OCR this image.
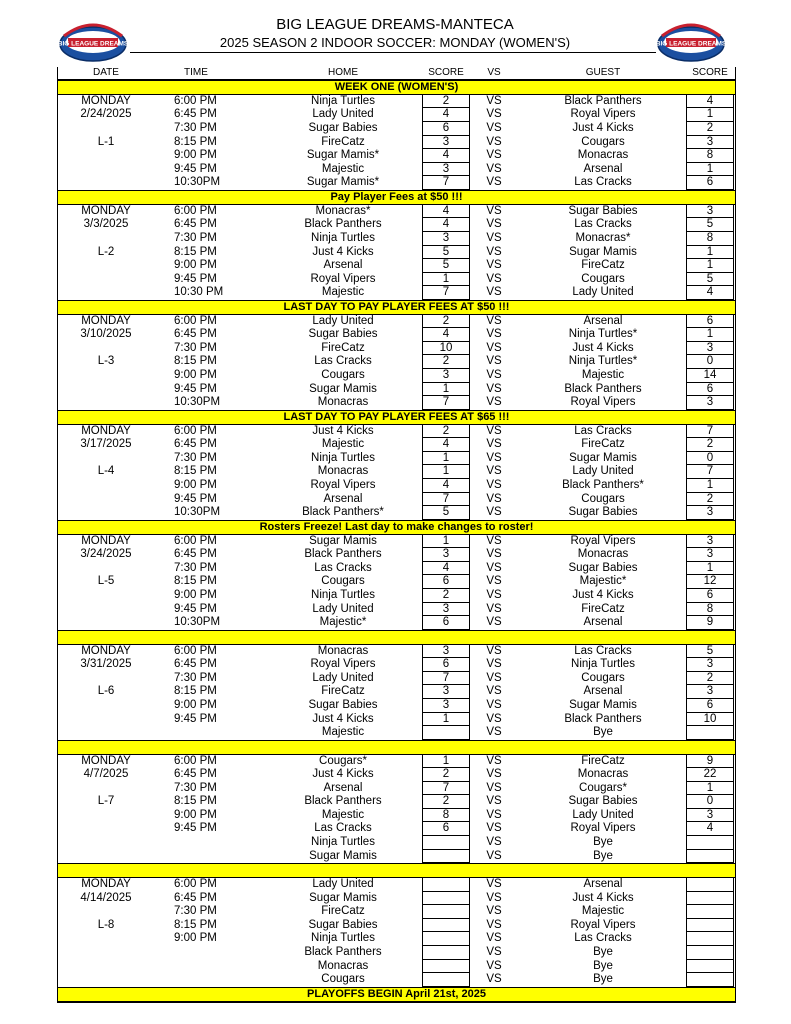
BIG LEAGUE DREAMS	BIG LEAGUE DREAMS
BIG LEAGUE DREAMS-MANTECA
2025 SEASON 2 INDOOR SOCCER: MONDAY (WOMEN'S)
DATE	TIME	HOME	SCORE	VS	GUEST	SCORE
WEEK ONE (WOMEN'S)
MONDAY	6:00 PM	Ninja Turtles	2	VS	Black Panthers	4
2/24/2025	6:45 PM	Lady United	4	VS	Royal Vipers	1
7:30 PM	Sugar Babies	6	VS	Just 4 Kicks	2
L-1	8:15 PM	FireCatz	3	VS	Cougars	3
9:00 PM	Sugar Mamis*	4	VS	Monacras	8
9:45 PM	Majestic	3	VS	Arsenal	1
10:30PM	Sugar Mamis*	7	VS	Las Cracks	6
Pay Player Fees at $50 !!!
MONDAY	6:00 PM	Monacras*	4	VS	Sugar Babies	3
3/3/2025	6:45 PM	Black Panthers	4	VS	Las Cracks	5
7:30 PM	Ninja Turtles	3	VS	Monacras*	8
L-2	8:15 PM	Just 4 Kicks	5	VS	Sugar Mamis	1
9:00 PM	Arsenal	5	VS	FireCatz	1
9:45 PM	Royal Vipers	1	VS	Cougars	5
10:30 PM	Majestic	7	VS	Lady United	4
LAST DAY TO PAY PLAYER FEES AT $50 !!!
MONDAY	6:00 PM	Lady United	2	VS	Arsenal	6
3/10/2025	6:45 PM	Sugar Babies	4	VS	Ninja Turtles*	1
7:30 PM	FireCatz	10	VS	Just 4 Kicks	3
L-3	8:15 PM	Las Cracks	2	VS	Ninja Turtles*	0
9:00 PM	Cougars	3	VS	Majestic	14
9:45 PM	Sugar Mamis	1	VS	Black Panthers	6
10:30PM	Monacras	7	VS	Royal Vipers	3
LAST DAY TO PAY PLAYER FEES AT $65 !!!
MONDAY	6:00 PM	Just 4 Kicks	2	VS	Las Cracks	7
3/17/2025	6:45 PM	Majestic	4	VS	FireCatz	2
7:30 PM	Ninja Turtles	1	VS	Sugar Mamis	0
L-4	8:15 PM	Monacras	1	VS	Lady United	7
9:00 PM	Royal Vipers	4	VS	Black Panthers*	1
9:45 PM	Arsenal	7	VS	Cougars	2
10:30PM	Black Panthers*	5	VS	Sugar Babies	3
Rosters Freeze! Last day to make changes to roster!
MONDAY	6:00 PM	Sugar Mamis	1	VS	Royal Vipers	3
3/24/2025	6:45 PM	Black Panthers	3	VS	Monacras	3
7:30 PM	Las Cracks	4	VS	Sugar Babies	1
L-5	8:15 PM	Cougars	6	VS	Majestic*	12
9:00 PM	Ninja Turtles	2	VS	Just 4 Kicks	6
9:45 PM	Lady United	3	VS	FireCatz	8
10:30PM	Majestic*	6	VS	Arsenal	9
MONDAY	6:00 PM	Monacras	3	VS	Las Cracks	5
3/31/2025	6:45 PM	Royal Vipers	6	VS	Ninja Turtles	3
7:30 PM	Lady United	7	VS	Cougars	2
L-6	8:15 PM	FireCatz	3	VS	Arsenal	3
9:00 PM	Sugar Babies	3	VS	Sugar Mamis	6
9:45 PM	Just 4 Kicks	1	VS	Black Panthers	10
Majestic	VS	Bye
MONDAY	6:00 PM	Cougars*	1	VS	FireCatz	9
4/7/2025	6:45 PM	Just 4 Kicks	2	VS	Monacras	22
7:30 PM	Arsenal	7	VS	Cougars*	1
L-7	8:15 PM	Black Panthers	2	VS	Sugar Babies	0
9:00 PM	Majestic	8	VS	Lady United	3
9:45 PM	Las Cracks	6	VS	Royal Vipers	4
Ninja Turtles	VS	Bye
Sugar Mamis	VS	Bye
MONDAY	6:00 PM	Lady United	VS	Arsenal
4/14/2025	6:45 PM	Sugar Mamis	VS	Just 4 Kicks
7:30 PM	FireCatz	VS	Majestic
L-8	8:15 PM	Sugar Babies	VS	Royal Vipers
9:00 PM	Ninja Turtles	VS	Las Cracks
Black Panthers	VS	Bye
Monacras	VS	Bye
Cougars	VS	Bye
PLAYOFFS BEGIN April 21st, 2025
